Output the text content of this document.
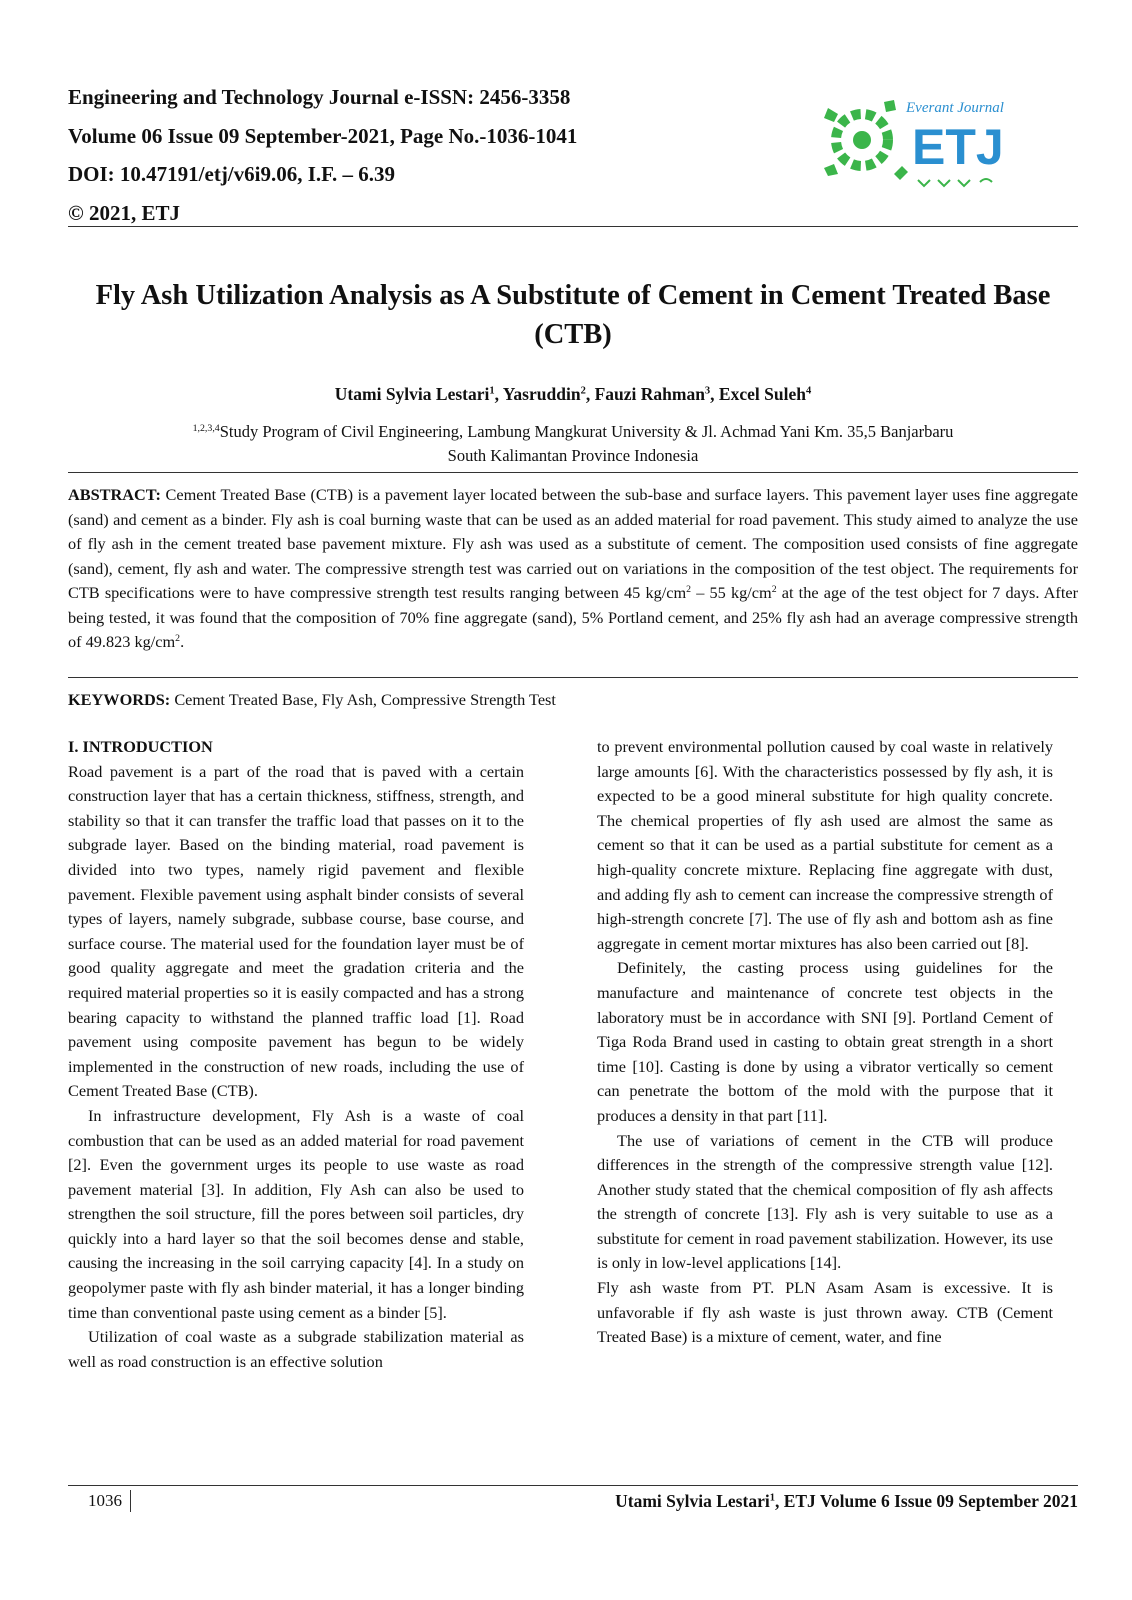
Engineering and Technology Journal e-ISSN: 2456-3358
Volume 06 Issue 09 September-2021, Page No.-1036-1041
DOI: 10.47191/etj/v6i9.06, I.F. – 6.39
© 2021, ETJ
Everant Journal
ETJ
Fly Ash Utilization Analysis as A Substitute of Cement in Cement Treated Base (CTB)
Utami Sylvia Lestari$^1$, Yasruddin$^2$, Fauzi Rahman$^3$, Excel Suleh$^4$
$^{1,2,3,4}$Study Program of Civil Engineering, Lambung Mangkurat University & Jl. Achmad Yani Km. 35,5 Banjarbaru
South Kalimantan Province Indonesia
ABSTRACT: Cement Treated Base (CTB) is a pavement layer located between the sub-base and surface layers. This pavement layer uses fine aggregate (sand) and cement as a binder. Fly ash is coal burning waste that can be used as an added material for road pavement. This study aimed to analyze the use of fly ash in the cement treated base pavement mixture. Fly ash was used as a substitute of cement. The composition used consists of fine aggregate (sand), cement, fly ash and water. The compressive strength test was carried out on variations in the composition of the test object. The requirements for CTB specifications were to have compressive strength test results ranging between 45 $kg/cm^2 - 55$ $kg/cm^2$ at the age of the test object for 7 days. After being tested, it was found that the composition of 70% fine aggregate (sand), 5% Portland cement, and 25% fly ash had an average compressive strength of 49.823 $kg/cm^2$.
KEYWORDS: Cement Treated Base, Fly Ash, Compressive Strength Test

I. INTRODUCTION

Road pavement is a part of the road that is paved with a certain construction layer that has a certain thickness, stiffness, strength, and stability so that it can transfer the traffic load that passes on it to the subgrade layer. Based on the binding material, road pavement is divided into two types, namely rigid pavement and flexible pavement. Flexible pavement using asphalt binder consists of several types of layers, namely subgrade, subbase course, base course, and surface course. The material used for the foundation layer must be of good quality aggregate and meet the gradation criteria and the required material properties so it is easily compacted and has a strong bearing capacity to withstand the planned traffic load [1]. Road pavement using composite pavement has begun to be widely implemented in the construction of new roads, including the use of Cement Treated Base (CTB).

In infrastructure development, Fly Ash is a waste of coal combustion that can be used as an added material for road pavement [2]. Even the government urges its people to use waste as road pavement material [3]. In addition, Fly Ash can also be used to strengthen the soil structure, fill the pores between soil particles, dry quickly into a hard layer so that the soil becomes dense and stable, causing the increasing in the soil carrying capacity [4]. In a study on geopolymer paste with fly ash binder material, it has a longer binding time than conventional paste using cement as a binder [5].

Utilization of coal waste as a subgrade stabilization material as well as road construction is an effective solution

to prevent environmental pollution caused by coal waste in relatively large amounts [6]. With the characteristics possessed by fly ash, it is expected to be a good mineral substitute for high quality concrete. The chemical properties of fly ash used are almost the same as cement so that it can be used as a partial substitute for cement as a high-quality concrete mixture. Replacing fine aggregate with dust, and adding fly ash to cement can increase the compressive strength of high-strength concrete [7]. The use of fly ash and bottom ash as fine aggregate in cement mortar mixtures has also been carried out [8].

Definitely, the casting process using guidelines for the manufacture and maintenance of concrete test objects in the laboratory must be in accordance with SNI [9]. Portland Cement of Tiga Roda Brand used in casting to obtain great strength in a short time [10]. Casting is done by using a vibrator vertically so cement can penetrate the bottom of the mold with the purpose that it produces a density in that part [11].

The use of variations of cement in the CTB will produce differences in the strength of the compressive strength value [12]. Another study stated that the chemical composition of fly ash affects the strength of concrete [13]. Fly ash is very suitable to use as a substitute for cement in road pavement stabilization. However, its use is only in low-level applications [14].

Fly ash waste from PT. PLN Asam Asam is excessive. It is unfavorable if fly ash waste is just thrown away. CTB (Cement Treated Base) is a mixture of cement, water, and fine

1036	Utami Sylvia Lestari$^1$, ETJ Volume 6 Issue 09 September 2021
